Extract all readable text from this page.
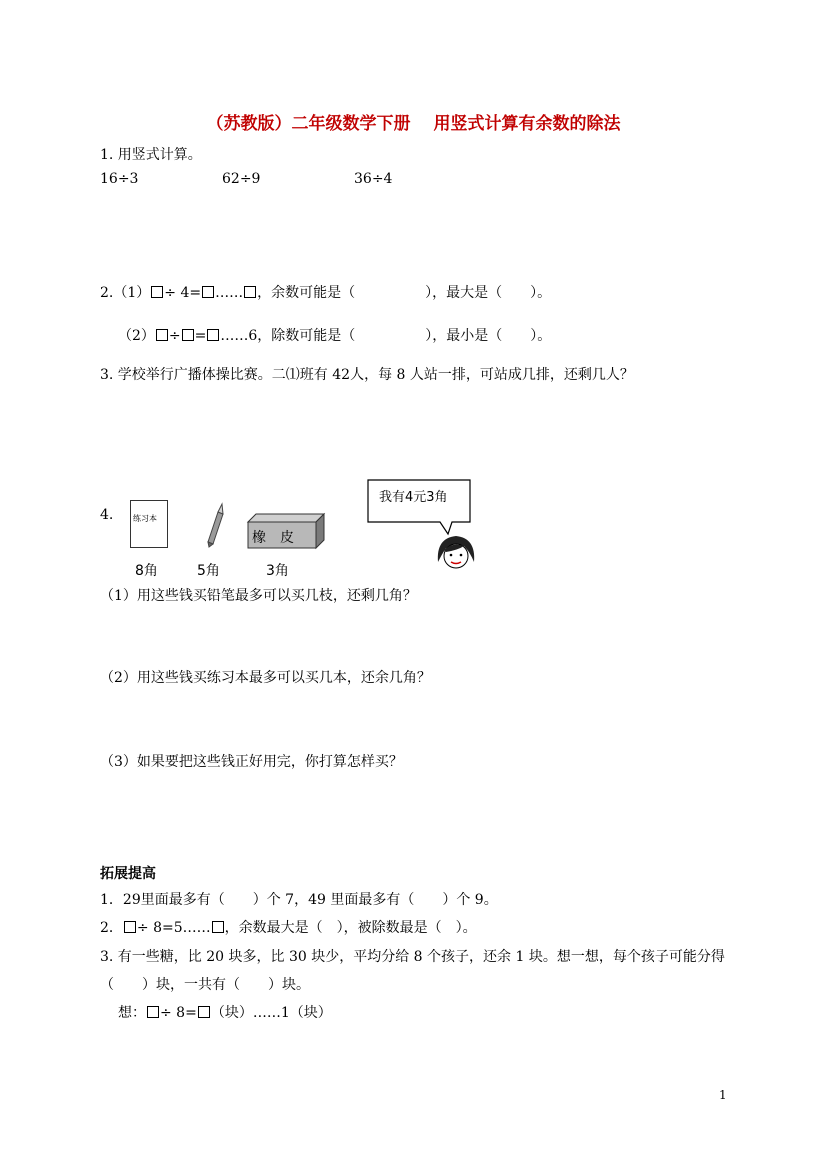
（苏教版）二年级数学下册　 用竖式计算有余数的除法
1. 用竖式计算。
16÷3	62÷9	36÷4
2.（1） ÷ 4= …… ，余数可能是（　　　　　），最大是（　　）。
（2） ÷ = ……6，除数可能是（　　　　　），最小是（　　）。
3. 学校举行广播体操比赛。二⑴班有 42人，每 8 人站一排，可站成几排，还剩几人？
4. 练习本
橡　皮
我有4元3角
8角	5角	3角
（1）用这些钱买铅笔最多可以买几枝，还剩几角？
（2）用这些钱买练习本最多可以买几本，还余几角？
（3）如果要把这些钱正好用完，你打算怎样买？
拓展提高
1．29里面最多有（　　）个 7，49 里面最多有（　　）个 9。
2． ÷ 8=5…… ，余数最大是（　），被除数最是（　）。
3. 有一些糖，比 20 块多，比 30 块少，平均分给 8 个孩子，还余 1 块。想一想，每个孩子可能分得
（　　）块，一共有（　　）块。
想： ÷ 8= （块）……1（块）
1
